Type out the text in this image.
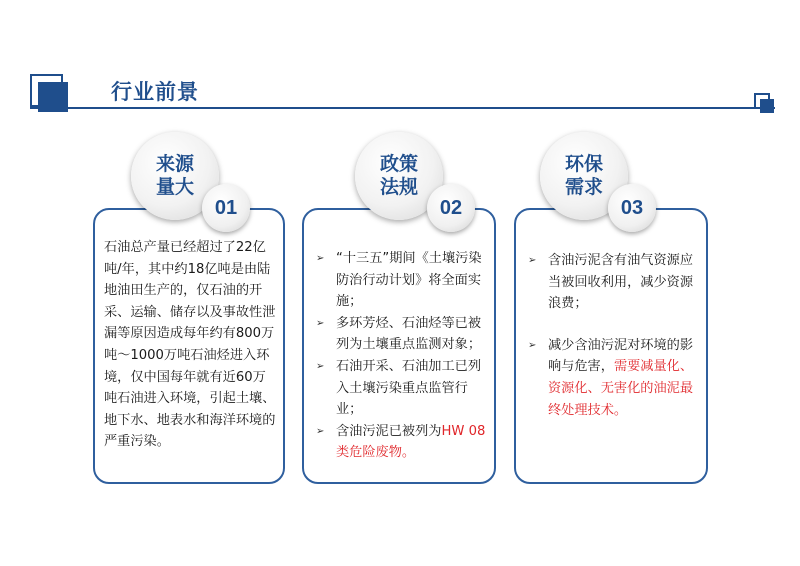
行业前景
来源量大
01
石油总产量已经超过了22亿吨/年，其中约18亿吨是由陆地油田生产的，仅石油的开采、运输、储存以及事故性泄漏等原因造成每年约有800万吨～1000万吨石油烃进入环境，仅中国每年就有近60万吨石油进入环境，引起土壤、地下水、地表水和海洋环境的严重污染。
政策法规
02
➢ “十三五”期间《土壤污染防治行动计划》将全面实施；
➢ 多环芳烃、石油烃等已被列为土壤重点监测对象；
➢ 石油开采、石油加工已列入土壤污染重点监管行业；
➢ 含油污泥已被列为HW 08 类危险废物。
环保需求
03
➢ 含油污泥含有油气资源应当被回收利用，减少资源浪费；
➢ 减少含油污泥对环境的影响与危害，需要减量化、资源化、无害化的油泥最终处理技术。
